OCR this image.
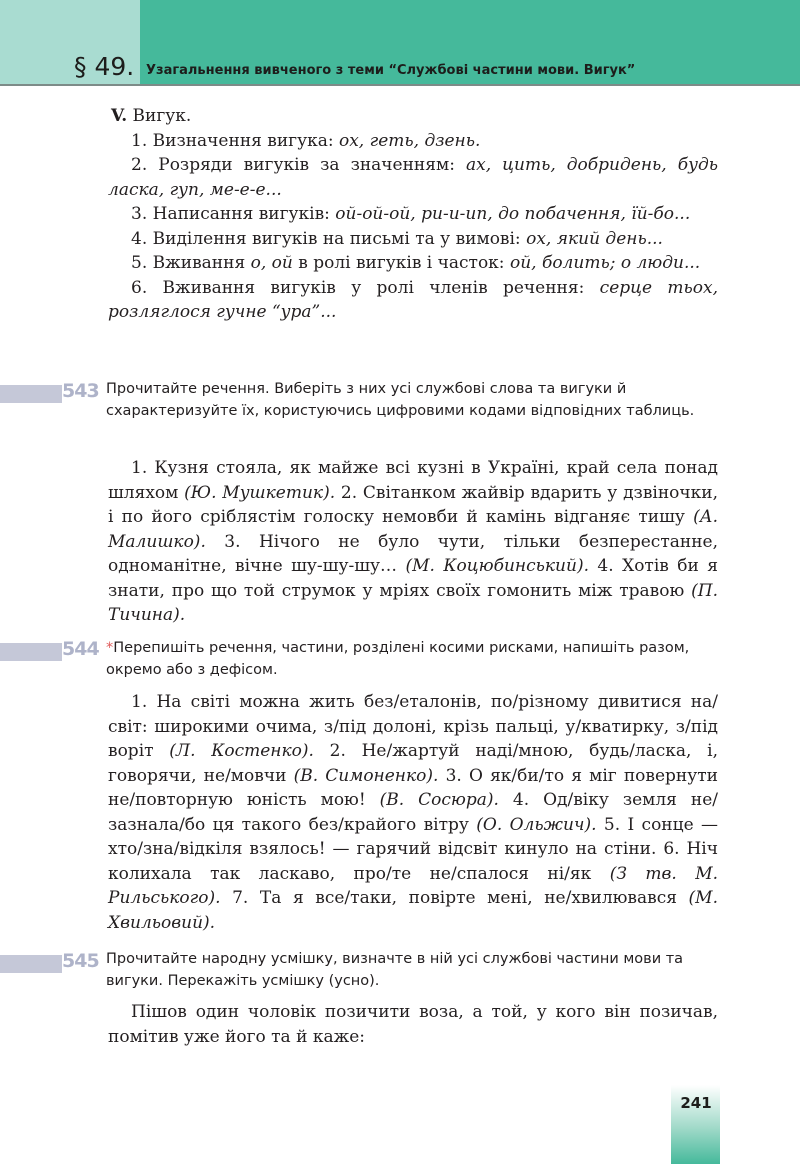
§ 49. Узагальнення вивченого з теми “Службові частини мови. Вигук”

V. Вигук.

1. Визначення вигука: ох, геть, дзень.

2. Розряди вигуків за значенням: ах, цить, добридень, будь ласка, гуп, ме-е-е...

3. Написання вигуків: ой-ой-ой, ри-и-ип, до побачення, їй-бо...

4. Виділення вигуків на письмі та у вимові: ох, який день...

5. Вживання о, ой в ролі вигуків і часток: ой, болить; о люди...

6. Вживання вигуків у ролі членів речення: серце тьох, розляглося гучне “ура”...

543 Прочитайте речення. Виберіть з них усі службові слова та вигуки й схарактеризуйте їх, користуючись цифровими кодами відповідних таблиць.

1. Кузня стояла, як майже всі кузні в Україні, край села понад шляхом (Ю. Мушкетик). 2. Світанком жайвір вдарить у дзвіночки, і по його сріблястім голоску немовби й камінь відганяє тишу (А. Малишко). 3. Нічого не було чути, тільки безперестанне, одноманітне, вічне шу-шу-шу… (М. Коцюбинський). 4. Хотів би я знати, про що той струмок у мріях своїх гомонить між травою (П. Тичина).

544 *Перепишіть речення, частини, розділені косими рисками, напишіть разом, окремо або з дефісом.

1. На світі можна жить без/еталонів, по/різному дивитися на/світ: широкими очима, з/під долоні, крізь пальці, у/кватирку, з/під воріт (Л. Костенко). 2. Не/жартуй наді/мною, будь/ласка, і, говорячи, не/мовчи (В. Симоненко). 3. О як/би/то я міг повернути не/повторную юність мою! (В. Сосюра). 4. Од/віку земля не/зазнала/бо ця такого без/крайого вітру (О. Ольжич). 5. І сонце — хто/зна/відкіля взялось! — гарячий відсвіт кинуло на стіни. 6. Ніч колихала так ласкаво, про/те не/спалося ні/як (З тв. М. Рильського). 7. Та я все/таки, повірте мені, не/хвилювався (М. Хвильовий).

545 Прочитайте народну усмішку, визначте в ній усі службові частини мови та вигуки. Перекажіть усмішку (усно).

Пішов один чоловік позичити воза, а той, у кого він позичав, помітив уже його та й каже:

241
